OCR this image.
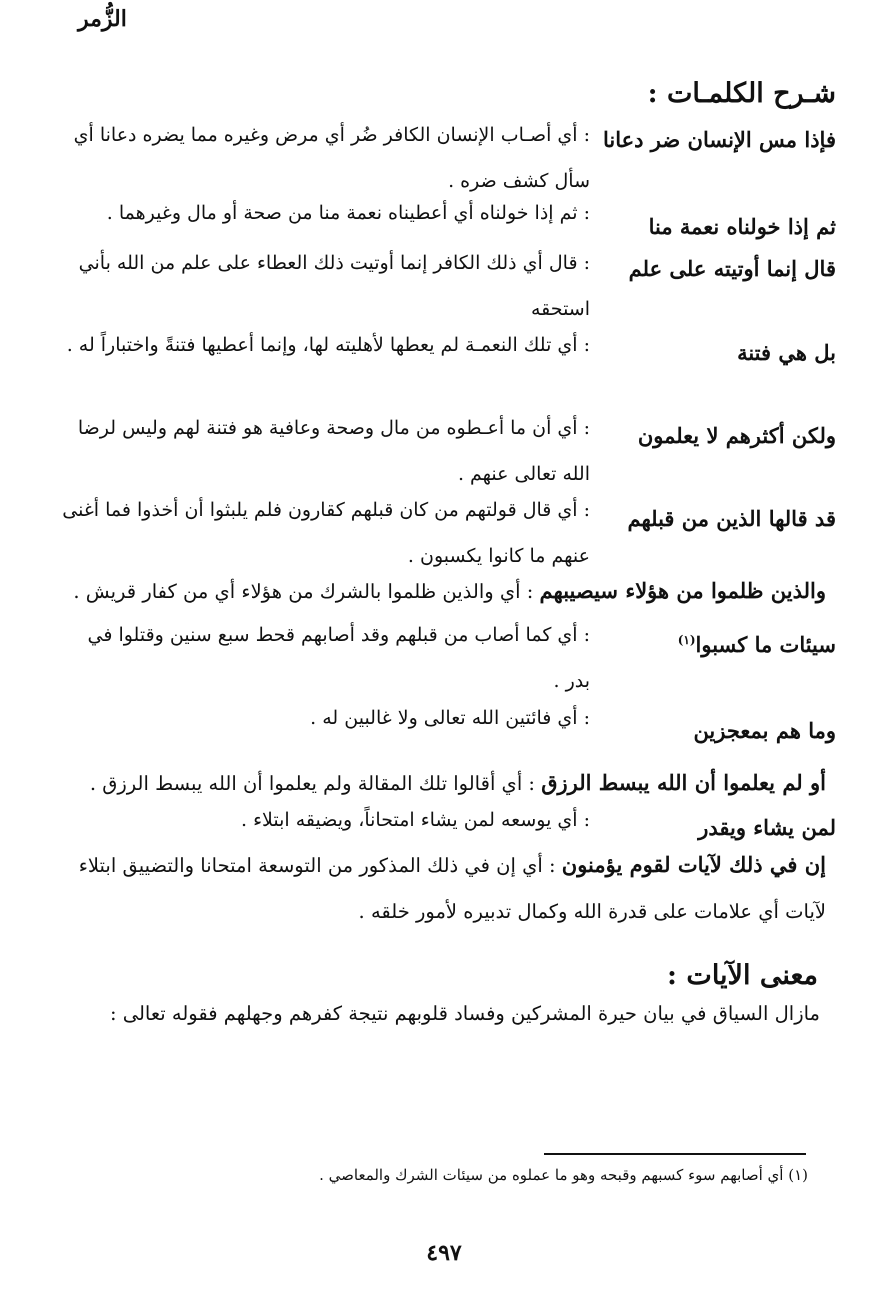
الزُّمر
شـرح الكلمـات :
فإذا مس الإنسان ضر دعانا
: أي أصـاب الإنسان الكافر ضُر أي مرض وغيره مما يضره دعانا أي سأل كشف ضره .
ثم إذا خولناه نعمة منا
: ثم إذا خولناه أي أعطيناه نعمة منا من صحة أو مال وغيرهما .
قال إنما أوتيته على علم
: قال أي ذلك الكافر إنما أوتيت ذلك العطاء على علم من الله بأني استحقه
بل هي فتنة
: أي تلك النعمـة لم يعطها لأهليته لها، وإنما أعطيها فتنةً واختباراً له .
ولكن أكثرهم لا يعلمون
: أي أن ما أعـطوه من مال وصحة وعافية هو فتنة لهم وليس لرضا الله تعالى عنهم .
قد قالها الذين من قبلهم
: أي قال قولتهم من كان قبلهم كقارون فلم يلبثوا أن أخذوا فما أغنى عنهم ما كانوا يكسبون .
والذين ظلموا من هؤلاء سيصيبهم : أي والذين ظلموا بالشرك من هؤلاء أي من كفار قريش .
سيئات ما كسبوا$^{(١)}$
: أي كما أصاب من قبلهم وقد أصابهم قحط سبع سنين وقتلوا في بدر .
وما هم بمعجزين
: أي فائتين الله تعالى ولا غالبين له .
أو لم يعلموا أن الله يبسط الرزق : أي أقالوا تلك المقالة ولم يعلموا أن الله يبسط الرزق .
لمن يشاء ويقدر
: أي يوسعه لمن يشاء امتحاناً، ويضيقه ابتلاء .
إن في ذلك لآيات لقوم يؤمنون : أي إن في ذلك المذكور من التوسعة امتحانا والتضييق ابتلاء لآيات أي علامات على قدرة الله وكمال تدبيره لأمور خلقه .
معنى الآيات :
مازال السياق في بيان حيرة المشركين وفساد قلوبهم نتيجة كفرهم وجهلهم فقوله تعالى :
(١) أي أصابهم سوء كسبهم وقبحه وهو ما عملوه من سيئات الشرك والمعاصي .
٤٩٧
